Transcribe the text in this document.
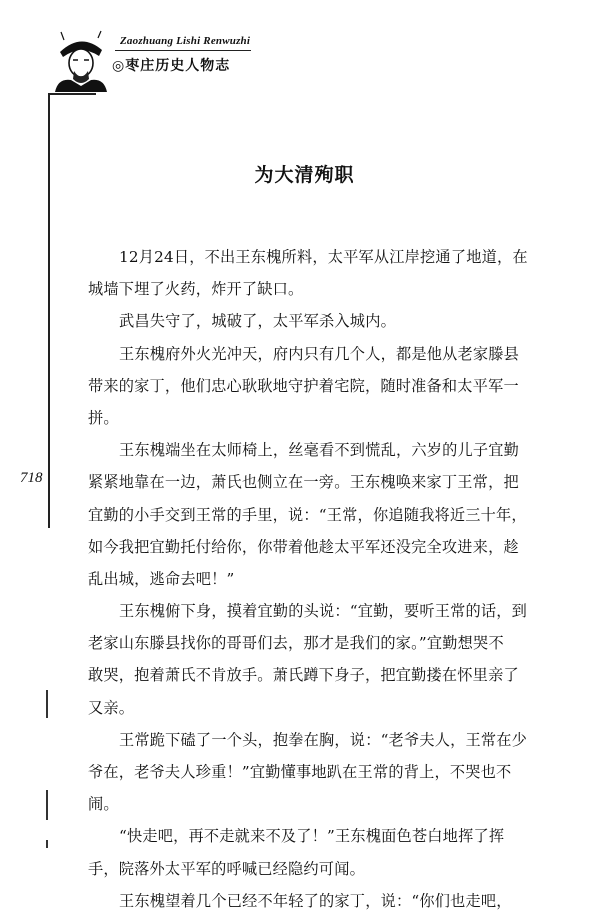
Zaozhuang Lishi Renwuzhi
◎枣庄历史人物志
718
为大清殉职
12月24日，不出王东槐所料，太平军从江岸挖通了地道，在
城墙下埋了火药，炸开了缺口。
武昌失守了，城破了，太平军杀入城内。
王东槐府外火光冲天，府内只有几个人，都是他从老家滕县
带来的家丁，他们忠心耿耿地守护着宅院，随时准备和太平军一
拼。
王东槐端坐在太师椅上，丝毫看不到慌乱，六岁的儿子宜勤
紧紧地靠在一边，萧氏也侧立在一旁。王东槐唤来家丁王常，把
宜勤的小手交到王常的手里，说：“王常，你追随我将近三十年，
如今我把宜勤托付给你，你带着他趁太平军还没完全攻进来，趁
乱出城，逃命去吧！”
王东槐俯下身，摸着宜勤的头说：“宜勤，要听王常的话，到
老家山东滕县找你的哥哥们去，那才是我们的家。”宜勤想哭不
敢哭，抱着萧氏不肯放手。萧氏蹲下身子，把宜勤搂在怀里亲了
又亲。
王常跪下磕了一个头，抱拳在胸，说：“老爷夫人，王常在少
爷在，老爷夫人珍重！”宜勤懂事地趴在王常的背上，不哭也不
闹。
“快走吧，再不走就来不及了！”王东槐面色苍白地挥了挥
手，院落外太平军的呼喊已经隐约可闻。
王东槐望着几个已经不年轻了的家丁，说：“你们也走吧，
